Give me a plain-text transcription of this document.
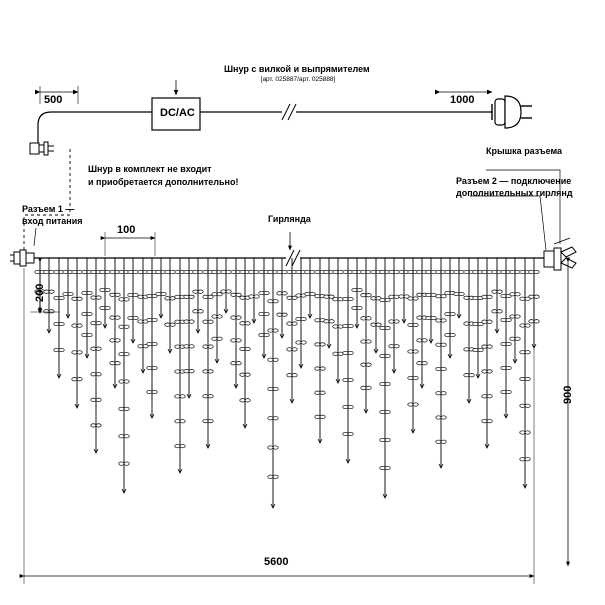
Шнур с вилкой и выпрямителем
[арт. 025887/арт. 025888]
DC/AC
500	1000
Шнур в комплект не входит
и приобретается дополнительно!
Разъем 1 —
вход питания	Гирлянда
Крышка разъема
Разъем 2 — подключение
дополнительных гирлянд
100
200
900
5600
